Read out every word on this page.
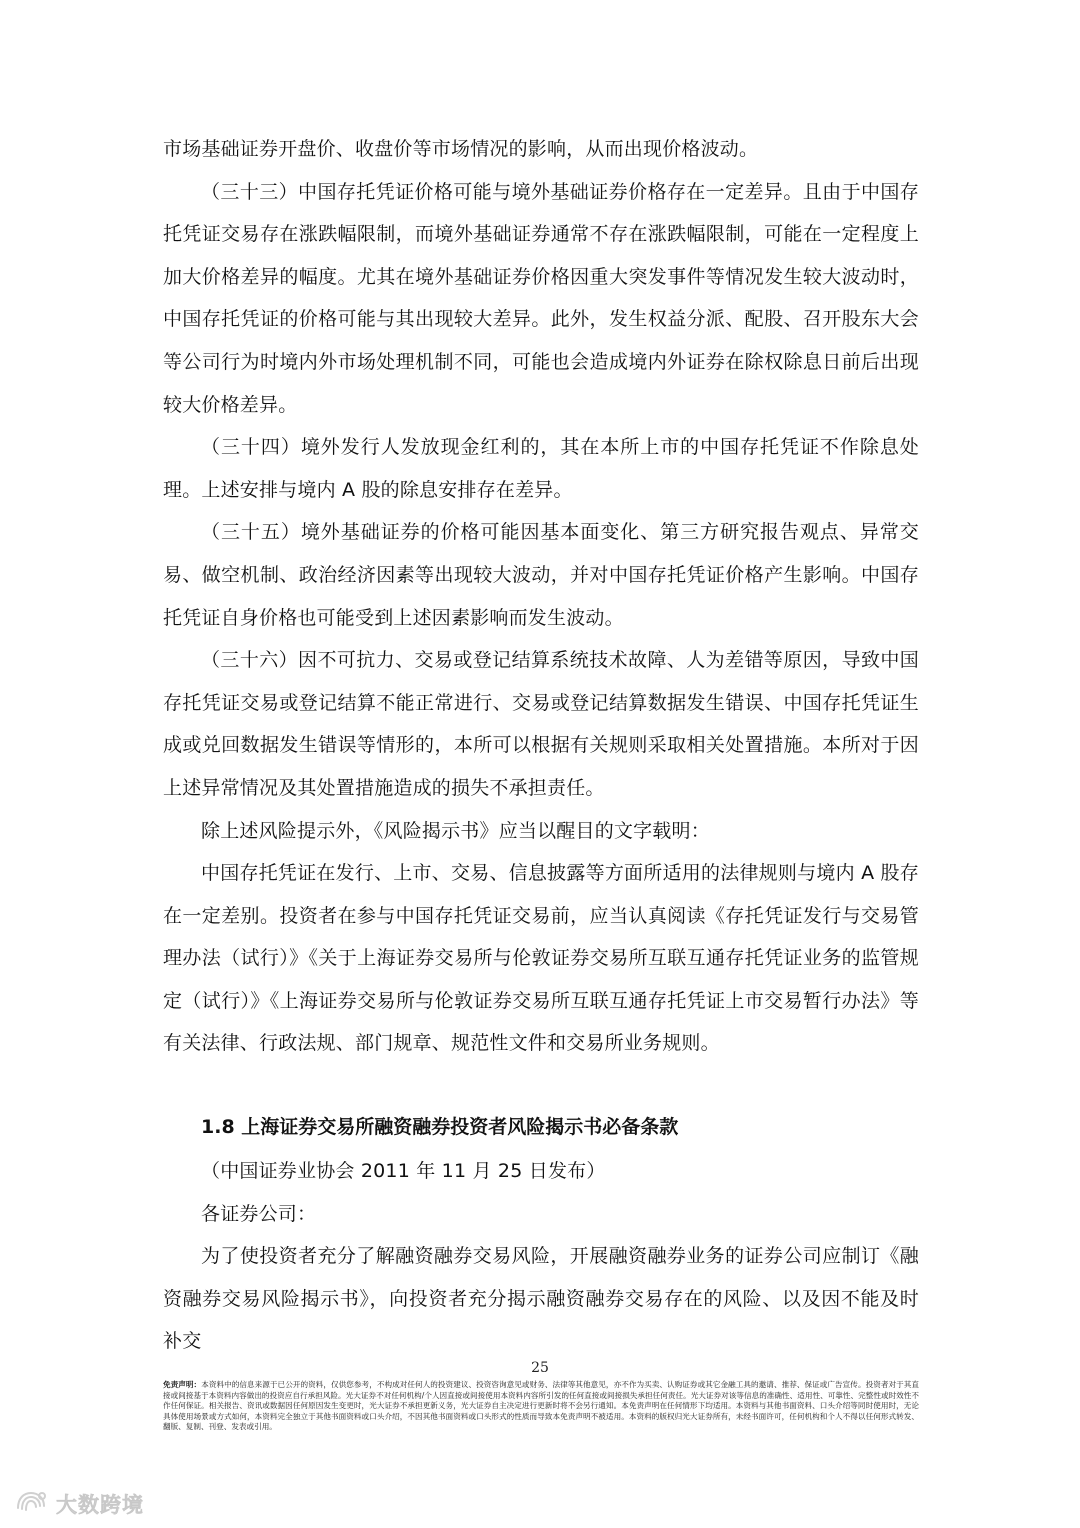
市场基础证券开盘价、收盘价等市场情况的影响，从而出现价格波动。

（三十三）中国存托凭证价格可能与境外基础证券价格存在一定差异。且由于中国存托凭证交易存在涨跌幅限制，而境外基础证券通常不存在涨跌幅限制，可能在一定程度上加大价格差异的幅度。尤其在境外基础证券价格因重大突发事件等情况发生较大波动时，中国存托凭证的价格可能与其出现较大差异。此外，发生权益分派、配股、召开股东大会等公司行为时境内外市场处理机制不同，可能也会造成境内外证券在除权除息日前后出现较大价格差异。

（三十四）境外发行人发放现金红利的，其在本所上市的中国存托凭证不作除息处理。上述安排与境内 A 股的除息安排存在差异。

（三十五）境外基础证券的价格可能因基本面变化、第三方研究报告观点、异常交易、做空机制、政治经济因素等出现较大波动，并对中国存托凭证价格产生影响。中国存托凭证自身价格也可能受到上述因素影响而发生波动。

（三十六）因不可抗力、交易或登记结算系统技术故障、人为差错等原因，导致中国存托凭证交易或登记结算不能正常进行、交易或登记结算数据发生错误、中国存托凭证生成或兑回数据发生错误等情形的，本所可以根据有关规则采取相关处置措施。本所对于因上述异常情况及其处置措施造成的损失不承担责任。

除上述风险提示外，《风险揭示书》应当以醒目的文字载明：

中国存托凭证在发行、上市、交易、信息披露等方面所适用的法律规则与境内 A 股存在一定差别。投资者在参与中国存托凭证交易前，应当认真阅读《存托凭证发行与交易管理办法（试行）》《关于上海证券交易所与伦敦证券交易所互联互通存托凭证业务的监管规定（试行）》《上海证券交易所与伦敦证券交易所互联互通存托凭证上市交易暂行办法》等有关法律、行政法规、部门规章、规范性文件和交易所业务规则。

1.8 上海证券交易所融资融券投资者风险揭示书必备条款

（中国证券业协会 2011 年 11 月 25 日发布）

各证券公司：

为了使投资者充分了解融资融券交易风险，开展融资融券业务的证券公司应制订《融资融券交易风险揭示书》，向投资者充分揭示融资融券交易存在的风险、以及因不能及时补交

25
免责声明：本资料中的信息来源于已公开的资料，仅供您参考，不构成对任何人的投资建议、投资咨询意见或财务、法律等其他意见，亦不作为买卖、认购证券或其它金融工具的邀请、推荐、保证或广告宣传。投资者对于其直接或间接基于本资料内容做出的投资应自行承担风险。光大证券不对任何机构/个人因直接或间接使用本资料内容所引发的任何直接或间接损失承担任何责任。光大证券对该等信息的准确性、适用性、可靠性、完整性或时效性不作任何保证。相关报告、资讯或数据因任何原因发生变更时，光大证券不承担更新义务，光大证券自主决定进行更新时将不会另行通知。本免责声明在任何情形下均适用。本资料与其他书面资料、口头介绍等同时使用时，无论具体使用场景或方式如何，本资料完全独立于其他书面资料或口头介绍，不因其他书面资料或口头形式的性质而导致本免责声明不被适用。本资料的版权归光大证券所有，未经书面许可，任何机构和个人不得以任何形式转发、翻版、复制、刊登、发表或引用。
大数跨境
